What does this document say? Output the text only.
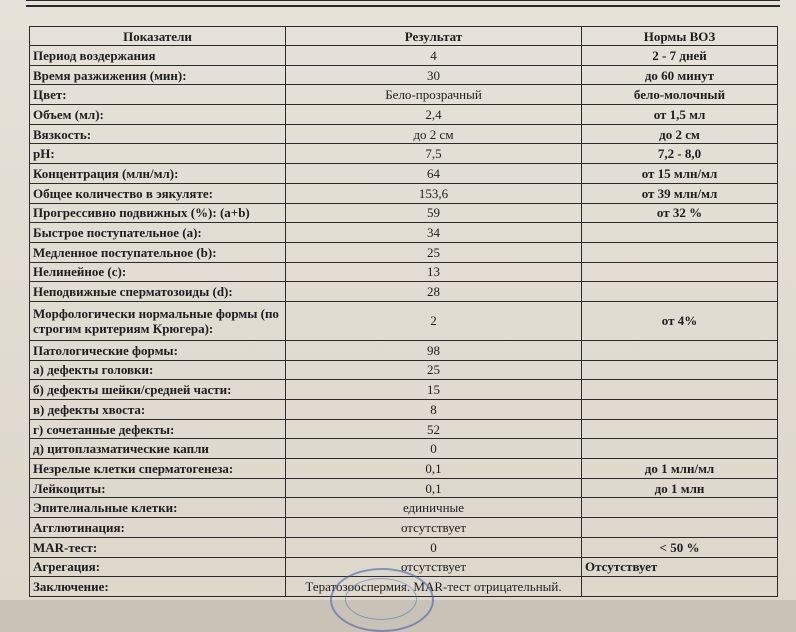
Показатели	Результат	Нормы ВОЗ
Период воздержания	4	2 - 7 дней
Время разжижения (мин):	30	до 60 минут
Цвет:	Бело-прозрачный	бело-молочный
Объем (мл):	2,4	от 1,5 мл
Вязкость:	до 2 см	до 2 см
pH:	7,5	7,2 - 8,0
Концентрация (млн/мл):	64	от 15 млн/мл
Общее количество в эякуляте:	153,6	от 39 млн/мл
Прогрессивно подвижных (%): (a+b)	59	от 32 %
Быстрое поступательное (a):	34	
Медленное поступательное (b):	25	
Нелинейное (c):	13	
Неподвижные сперматозоиды (d):	28	
Морфологически нормальные формы (по строгим критериям Крюгера):	2	от 4%
Патологические формы:	98	
а) дефекты головки:	25	
б) дефекты шейки/средней части:	15	
в) дефекты хвоста:	8	
г) сочетанные дефекты:	52	
д) цитоплазматические капли	0	
Незрелые клетки сперматогенеза:	0,1	до 1 млн/мл
Лейкоциты:	0,1	до 1 млн
Эпителиальные клетки:	единичные	
Агглютинация:	отсутствует	
MAR-тест:	0	< 50 %
Агрегация:	отсутствует	Отсутствует
Заключение:	Тератозооспермия. MAR-тест отрицательный.	
